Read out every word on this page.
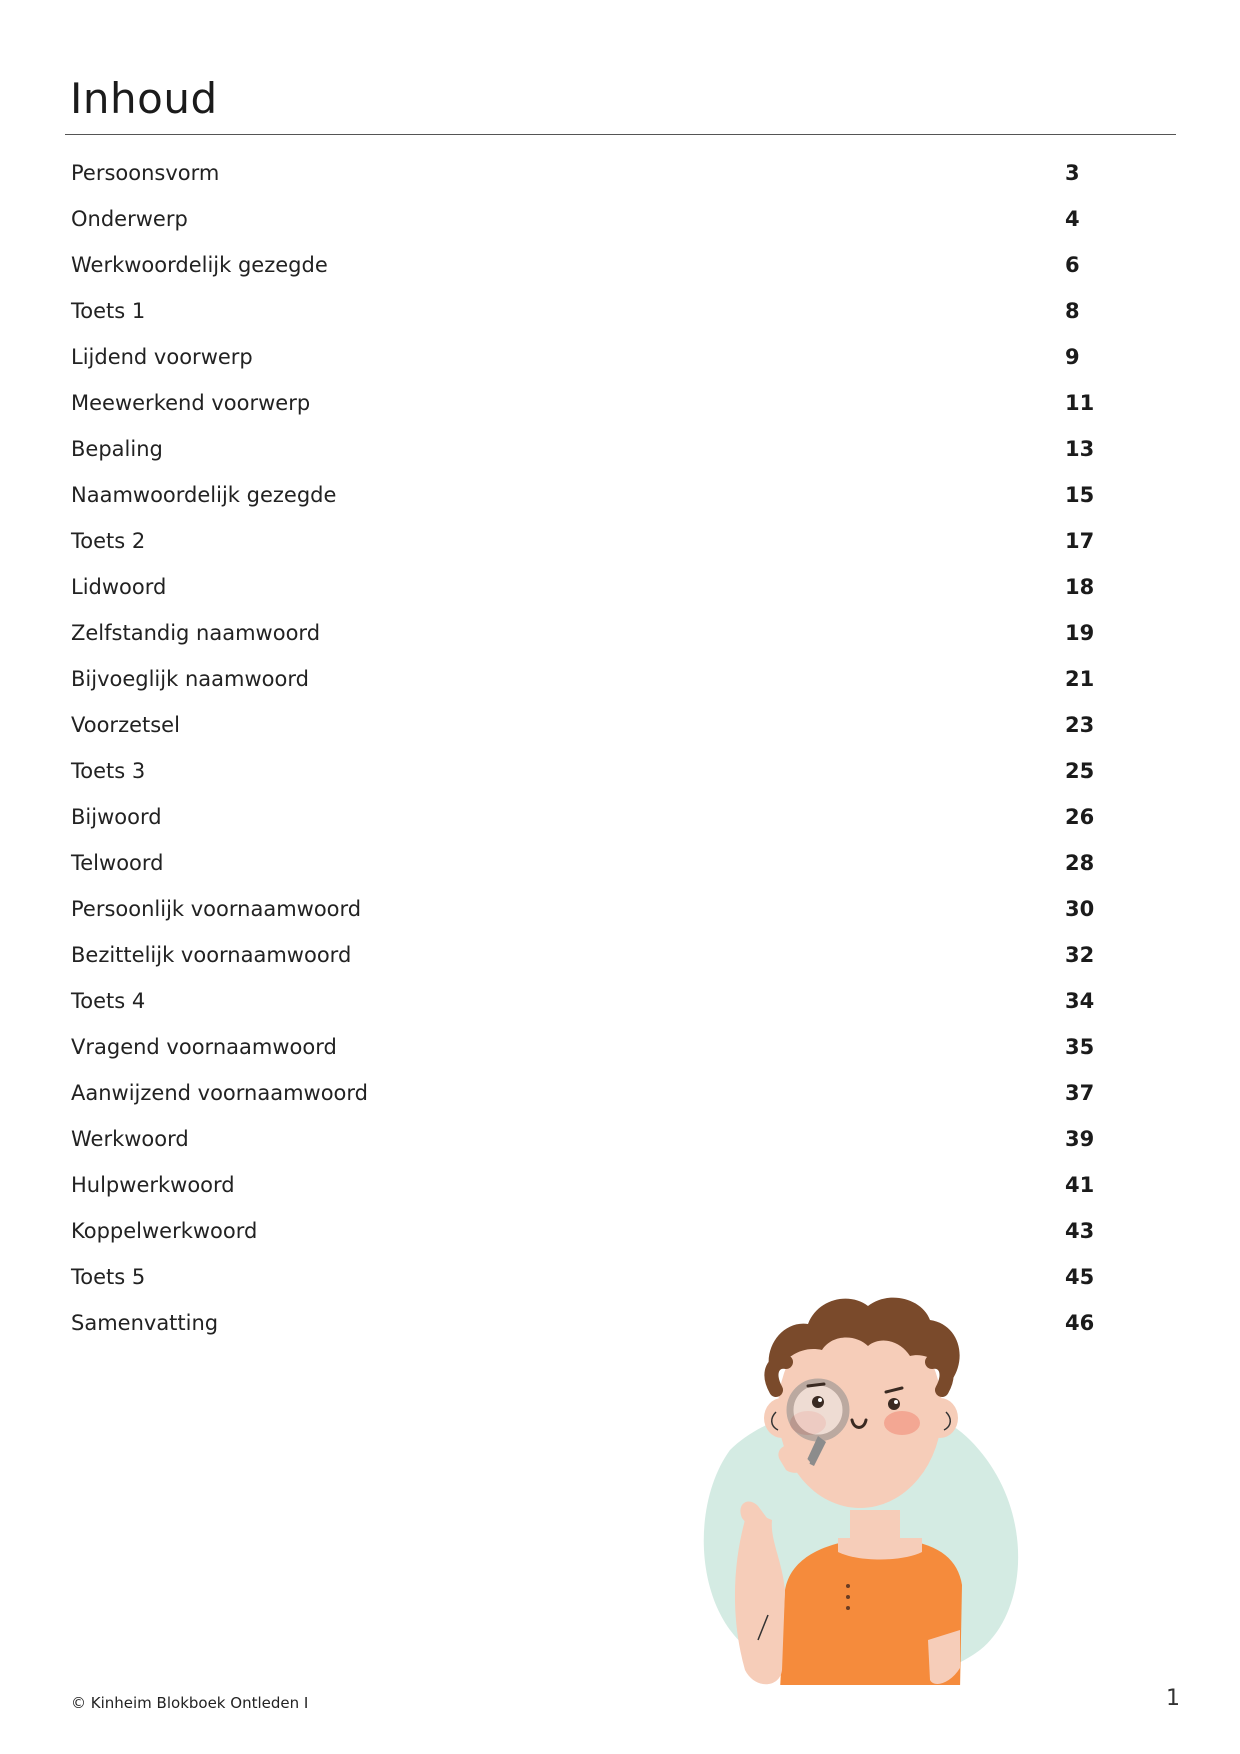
Inhoud
Persoonsvorm	3
Onderwerp	4
Werkwoordelijk gezegde	6
Toets 1	8
Lijdend voorwerp	9
Meewerkend voorwerp	11
Bepaling	13
Naamwoordelijk gezegde	15
Toets 2	17
Lidwoord	18
Zelfstandig naamwoord	19
Bijvoeglijk naamwoord	21
Voorzetsel	23
Toets 3	25
Bijwoord	26
Telwoord	28
Persoonlijk voornaamwoord	30
Bezittelijk voornaamwoord	32
Toets 4	34
Vragend voornaamwoord	35
Aanwijzend voornaamwoord	37
Werkwoord	39
Hulpwerkwoord	41
Koppelwerkwoord	43
Toets 5	45
Samenvatting	46
© Kinheim Blokboek Ontleden I	1
